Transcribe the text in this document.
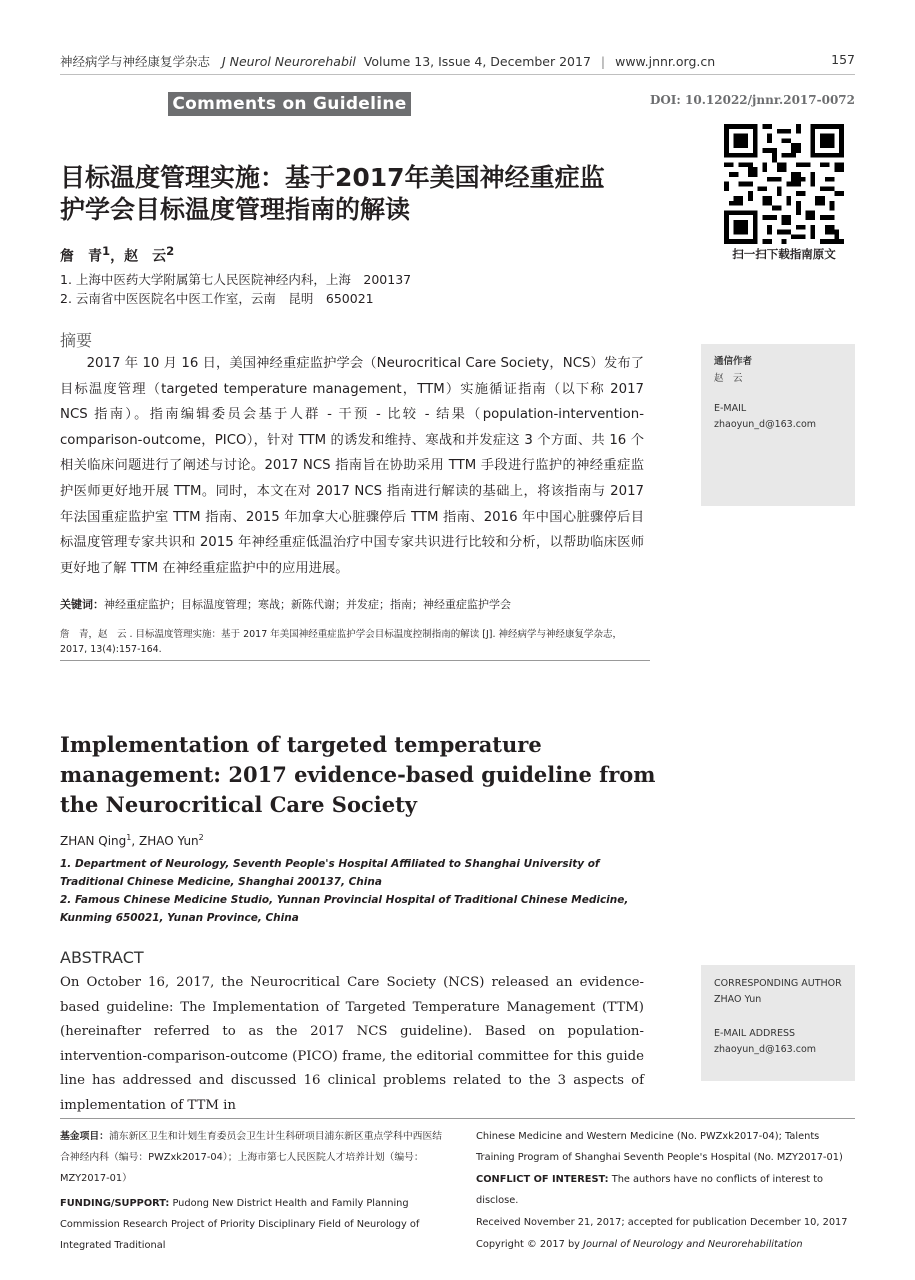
神经病学与神经康复学杂志 J Neurol Neurorehabil Volume 13, Issue 4, December 2017 | www.jnnr.org.cn	157
Comments on Guideline	DOI: 10.12022/jnnr.2017-0072
扫一扫下载指南原文
目标温度管理实施：基于2017年美国神经重症监
护学会目标温度管理指南的解读
詹　青$^1$，赵　云$^2$
1. 上海中医药大学附属第七人民医院神经内科，上海　200137
2. 云南省中医医院名中医工作室，云南　昆明　650021
摘要
2017 年 10 月 16 日，美国神经重症监护学会（Neurocritical Care Society，NCS）发布了目标温度管理（targeted temperature management，TTM）实施循证指南（以下称 2017 NCS 指南）。指南编辑委员会基于人群 - 干预 - 比较 - 结果（population-intervention-comparison-outcome，PICO），针对 TTM 的诱发和维持、寒战和并发症这 3 个方面、共 16 个相关临床问题进行了阐述与讨论。2017 NCS 指南旨在协助采用 TTM 手段进行监护的神经重症监护医师更好地开展 TTM。同时，本文在对 2017 NCS 指南进行解读的基础上，将该指南与 2017 年法国重症监护室 TTM 指南、2015 年加拿大心脏骤停后 TTM 指南、2016 年中国心脏骤停后目标温度管理专家共识和 2015 年神经重症低温治疗中国专家共识进行比较和分析，以帮助临床医师更好地了解 TTM 在神经重症监护中的应用进展。
关键词：神经重症监护；目标温度管理；寒战；新陈代谢；并发症；指南；神经重症监护学会
詹　青，赵　云 . 目标温度管理实施：基于 2017 年美国神经重症监护学会目标温度控制指南的解读 [J]. 神经病学与神经康复学杂志，
2017, 13(4):157-164.
通信作者
赵　云
E-MAIL
zhaoyun_d@163.com
Implementation of targeted temperature management: 2017 evidence-based guideline from the Neurocritical Care Society
ZHAN Qing$^1$, ZHAO Yun$^2$
1. Department of Neurology, Seventh People's Hospital Affiliated to Shanghai University of Traditional Chinese Medicine, Shanghai 200137, China
2. Famous Chinese Medicine Studio, Yunnan Provincial Hospital of Traditional Chinese Medicine, Kunming 650021, Yunan Province, China
ABSTRACT
On October 16, 2017, the Neurocritical Care Society (NCS) released an evidence-based guideline: The Implementation of Targeted Temperature Management (TTM) (hereinafter referred to as the 2017 NCS guideline). Based on population-intervention-comparison-outcome (PICO) frame, the editorial committee for this guide line has addressed and discussed 16 clinical problems related to the 3 aspects of implementation of TTM in
CORRESPONDING AUTHOR
ZHAO Yun
E-MAIL ADDRESS
zhaoyun_d@163.com

基金项目：浦东新区卫生和计划生育委员会卫生计生科研项目浦东新区重点学科中西医结合神经内科（编号：PWZxk2017-04）；上海市第七人民医院人才培养计划（编号：MZY2017-01）

FUNDING/SUPPORT: Pudong New District Health and Family Planning Commission Research Project of Priority Disciplinary Field of Neurology of Integrated Traditional

Chinese Medicine and Western Medicine (No. PWZxk2017-04); Talents Training Program of Shanghai Seventh People's Hospital (No. MZY2017-01)

CONFLICT OF INTEREST: The authors have no conflicts of interest to disclose.

Received November 21, 2017; accepted for publication December 10, 2017

Copyright © 2017 by Journal of Neurology and Neurorehabilitation
